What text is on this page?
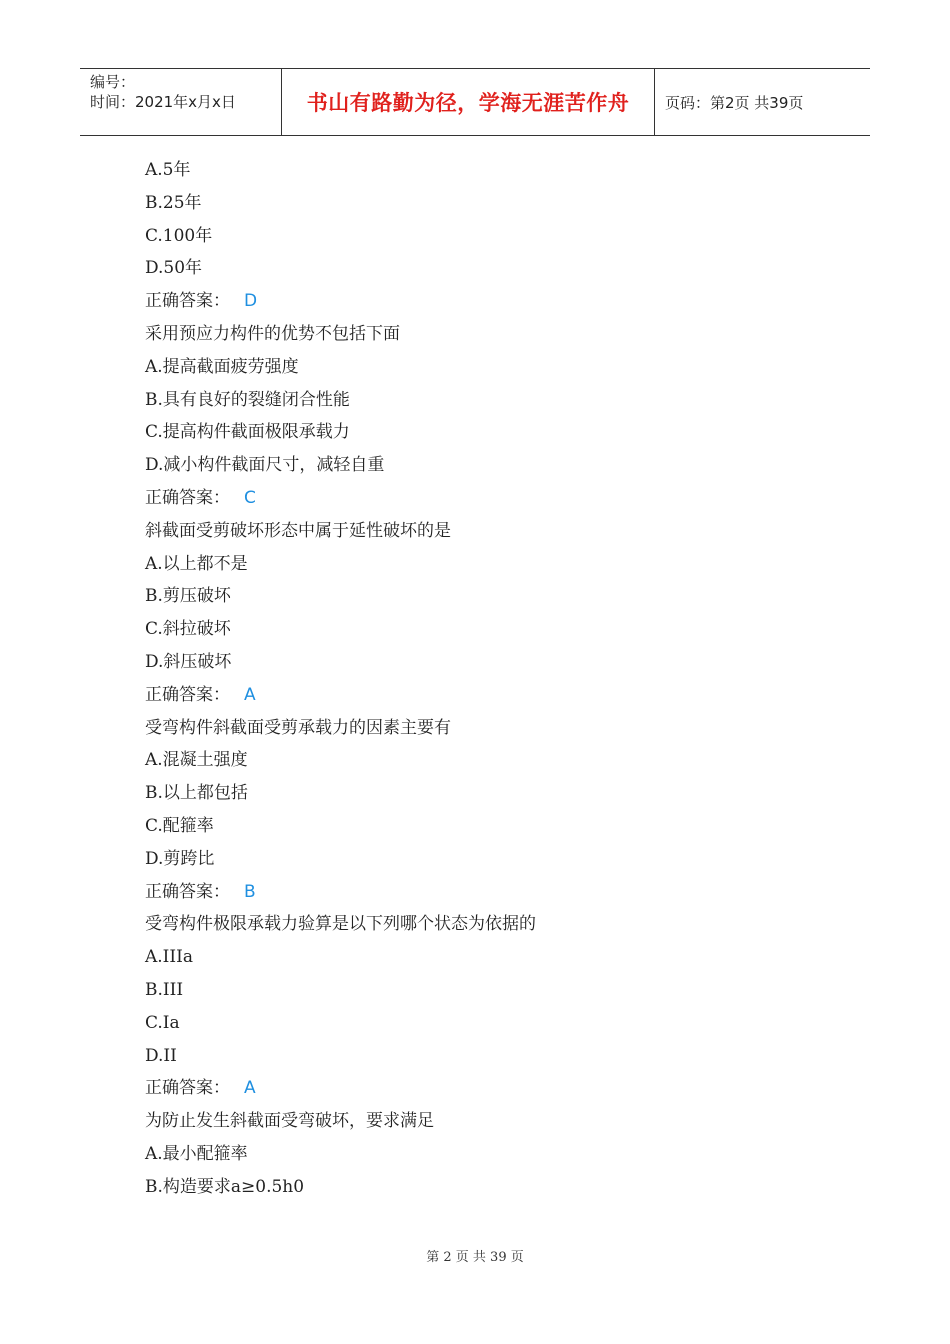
编号：
时间：2021年x月x日	书山有路勤为径，学海无涯苦作舟	页码：第2页 共39页
A.5年
B.25年
C.100年
D.50年
正确答案： D
采用预应力构件的优势不包括下面
A.提高截面疲劳强度
B.具有良好的裂缝闭合性能
C.提高构件截面极限承载力
D.减小构件截面尺寸，减轻自重
正确答案： C
斜截面受剪破坏形态中属于延性破坏的是
A.以上都不是
B.剪压破坏
C.斜拉破坏
D.斜压破坏
正确答案： A
受弯构件斜截面受剪承载力的因素主要有
A.混凝土强度
B.以上都包括
C.配箍率
D.剪跨比
正确答案： B
受弯构件极限承载力验算是以下列哪个状态为依据的
A.IIIa
B.III
C.Ia
D.II
正确答案： A
为防止发生斜截面受弯破坏，要求满足
A.最小配箍率
B.构造要求a≥0.5h0
第 2 页 共 39 页
